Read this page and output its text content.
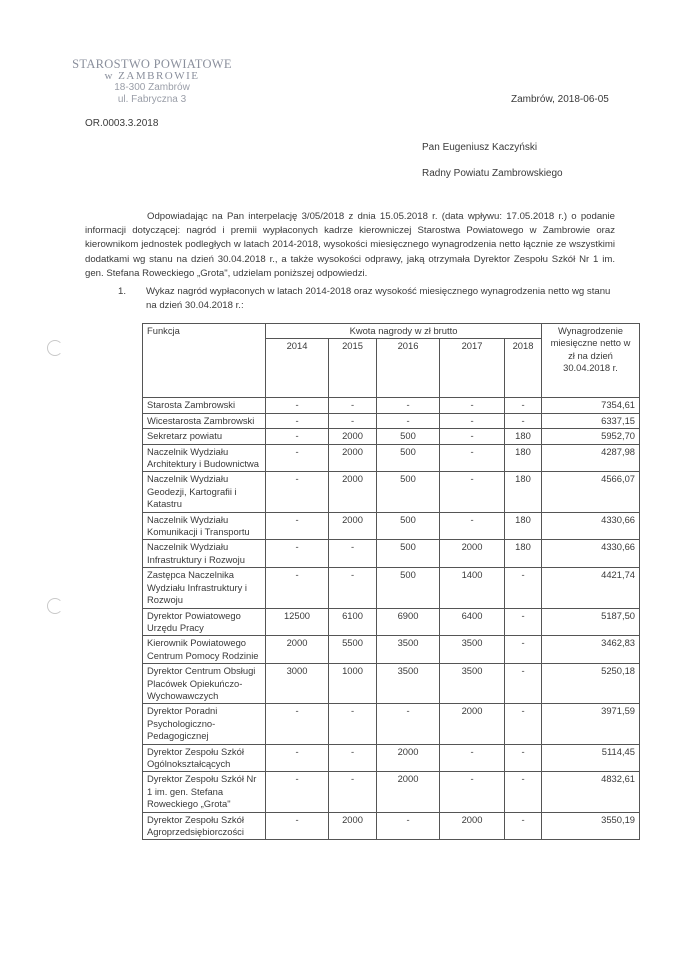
STAROSTWO POWIATOWE
w ZAMBROWIE
18-300 Zambrów
ul. Fabryczna 3	Zambrów, 2018-06-05
OR.0003.3.2018
Pan Eugeniusz Kaczyński
Radny Powiatu Zambrowskiego
Odpowiadając na Pan interpelację 3/05/2018 z dnia 15.05.2018 r. (data wpływu: 17.05.2018 r.) o podanie informacji dotyczącej: nagród i premii wypłaconych kadrze kierowniczej Starostwa Powiatowego w Zambrowie oraz kierownikom jednostek podległych w latach 2014-2018, wysokości miesięcznego wynagrodzenia netto łącznie ze wszystkimi dodatkami wg stanu na dzień 30.04.2018 r., a także wysokości odprawy, jaką otrzymała Dyrektor Zespołu Szkół Nr 1 im. gen. Stefana Roweckiego „Grota", udzielam poniższej odpowiedzi.
1. Wykaz nagród wypłaconych w latach 2014-2018 oraz wysokość miesięcznego wynagrodzenia netto wg stanu na dzień 30.04.2018 r.:
Funkcja	Kwota nagrody w zł brutto					Wynagrodzenie miesięczne netto w zł na dzień 30.04.2018 r.
	2014	2015	2016	2017	2018	
Starosta Zambrowski	-	-	-	-	-	7354,61
Wicestarosta Zambrowski	-	-	-	-	-	6337,15
Sekretarz powiatu	-	2000	500	-	180	5952,70
Naczelnik Wydziału Architektury i Budownictwa	-	2000	500	-	180	4287,98
Naczelnik Wydziału Geodezji, Kartografii i Katastru	-	2000	500	-	180	4566,07
Naczelnik Wydziału Komunikacji i Transportu	-	2000	500	-	180	4330,66
Naczelnik Wydziału Infrastruktury i Rozwoju	-	-	500	2000	180	4330,66
Zastępca Naczelnika Wydziału Infrastruktury i Rozwoju	-	-	500	1400	-	4421,74
Dyrektor Powiatowego Urzędu Pracy	12500	6100	6900	6400	-	5187,50
Kierownik Powiatowego Centrum Pomocy Rodzinie	2000	5500	3500	3500	-	3462,83
Dyrektor Centrum Obsługi Placówek Opiekuńczo-Wychowawczych	3000	1000	3500	3500	-	5250,18
Dyrektor Poradni Psychologiczno-Pedagogicznej	-	-	-	2000	-	3971,59
Dyrektor Zespołu Szkół Ogólnokształcących	-	-	2000	-	-	5114,45
Dyrektor Zespołu Szkół Nr 1 im. gen. Stefana Roweckiego „Grota"	-	-	2000	-	-	4832,61
Dyrektor Zespołu Szkół Agroprzedsiębiorczości	-	2000	-	2000	-	3550,19
